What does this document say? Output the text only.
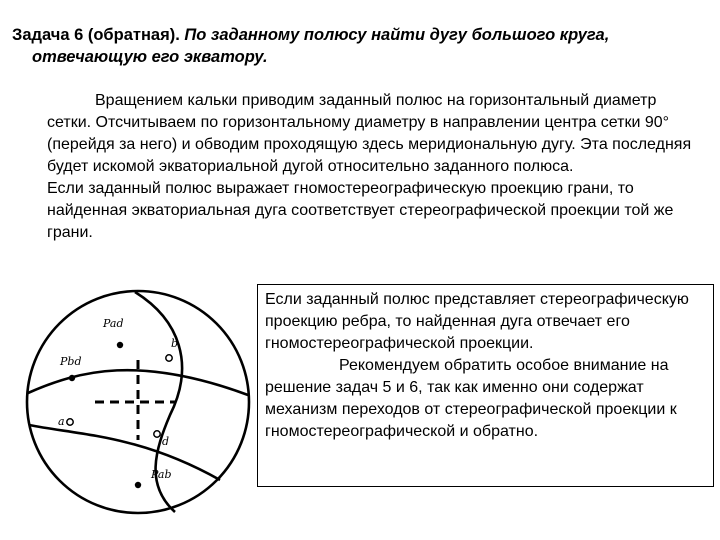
Задача 6 (обратная). По заданному полюсу найти дугу большого круга,
отвечающую его экватору.

Вращением кальки приводим заданный полюс на горизонтальный диаметр сетки. Отсчитываем по горизонтальному диаметру в направлении центра сетки 90° (перейдя за него) и обводим проходящую здесь меридиональную дугу. Эта последняя будет искомой экваториальной дугой относительно заданного полюса.

Если заданный полюс выражает гномостереографическую проекцию грани, то найденная экваториальная дуга соответствует стереографической проекции той же грани.

Pad
Pbd
Pab
b
a
d

Если заданный полюс представляет стереографическую проекцию ребра, то найденная дуга отвечает его гномостереографической проекции.

Рекомендуем обратить особое внимание на решение задач 5 и 6, так как именно они содержат механизм переходов от стереографической проекции к гномостереографической и обратно.
